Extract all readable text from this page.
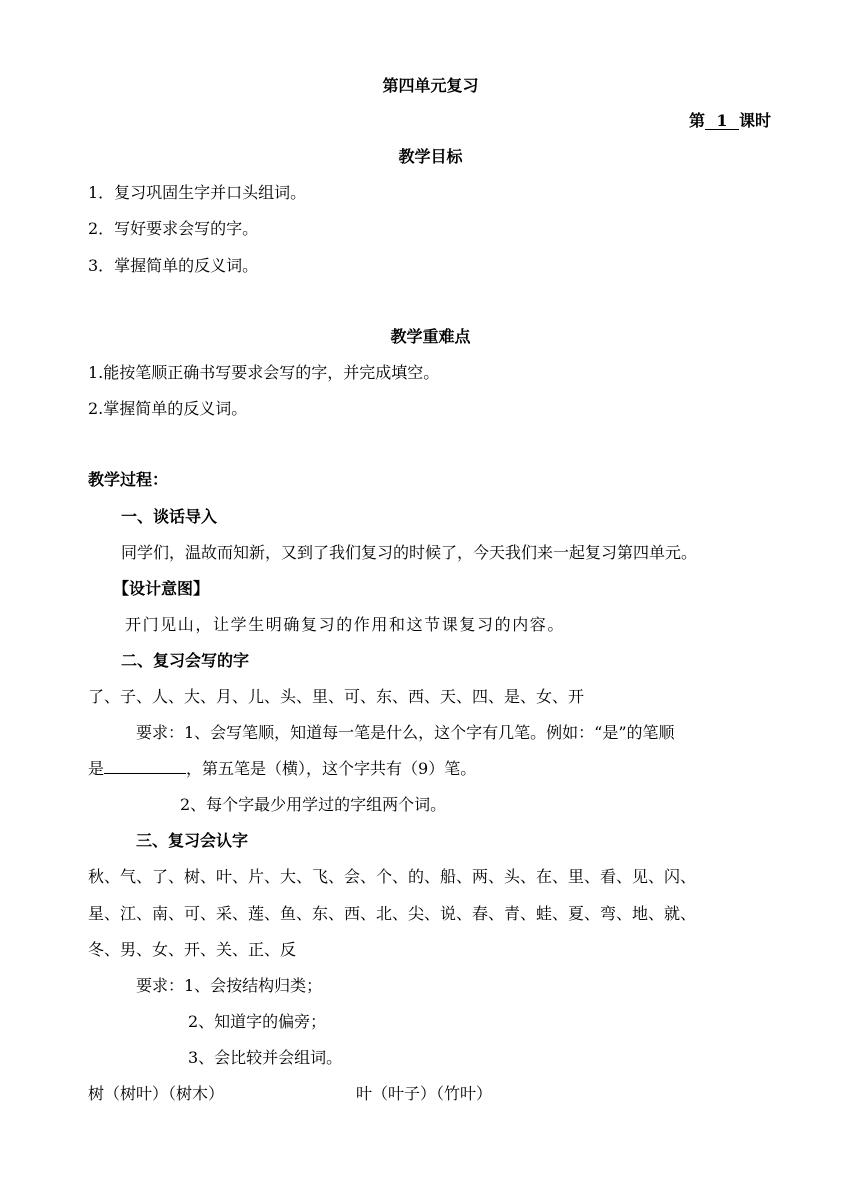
第四单元复习
第 1 课时
教学目标
1．复习巩固生字并口头组词。
2．写好要求会写的字。
3．掌握简单的反义词。
教学重难点
1.能按笔顺正确书写要求会写的字，并完成填空。
2.掌握简单的反义词。
教学过程：
一、谈话导入
同学们，温故而知新，又到了我们复习的时候了，今天我们来一起复习第四单元。
【设计意图】
开门见山，让学生明确复习的作用和这节课复习的内容。
二、复习会写的字
了、子、人、大、月、儿、头、里、可、东、西、天、四、是、女、开
要求：1、会写笔顺，知道每一笔是什么，这个字有几笔。例如：“是”的笔顺
是	，第五笔是（横），这个字共有（9）笔。
2、每个字最少用学过的字组两个词。
三、复习会认字
秋、气、了、树、叶、片、大、飞、会、个、的、船、两、头、在、里、看、见、闪、
星、江、南、可、采、莲、鱼、东、西、北、尖、说、春、青、蛙、夏、弯、地、就、
冬、男、女、开、关、正、反
要求：1、会按结构归类；
2、知道字的偏旁；
3、会比较并会组词。
树（树叶）（树木）	叶（叶子）（竹叶）
